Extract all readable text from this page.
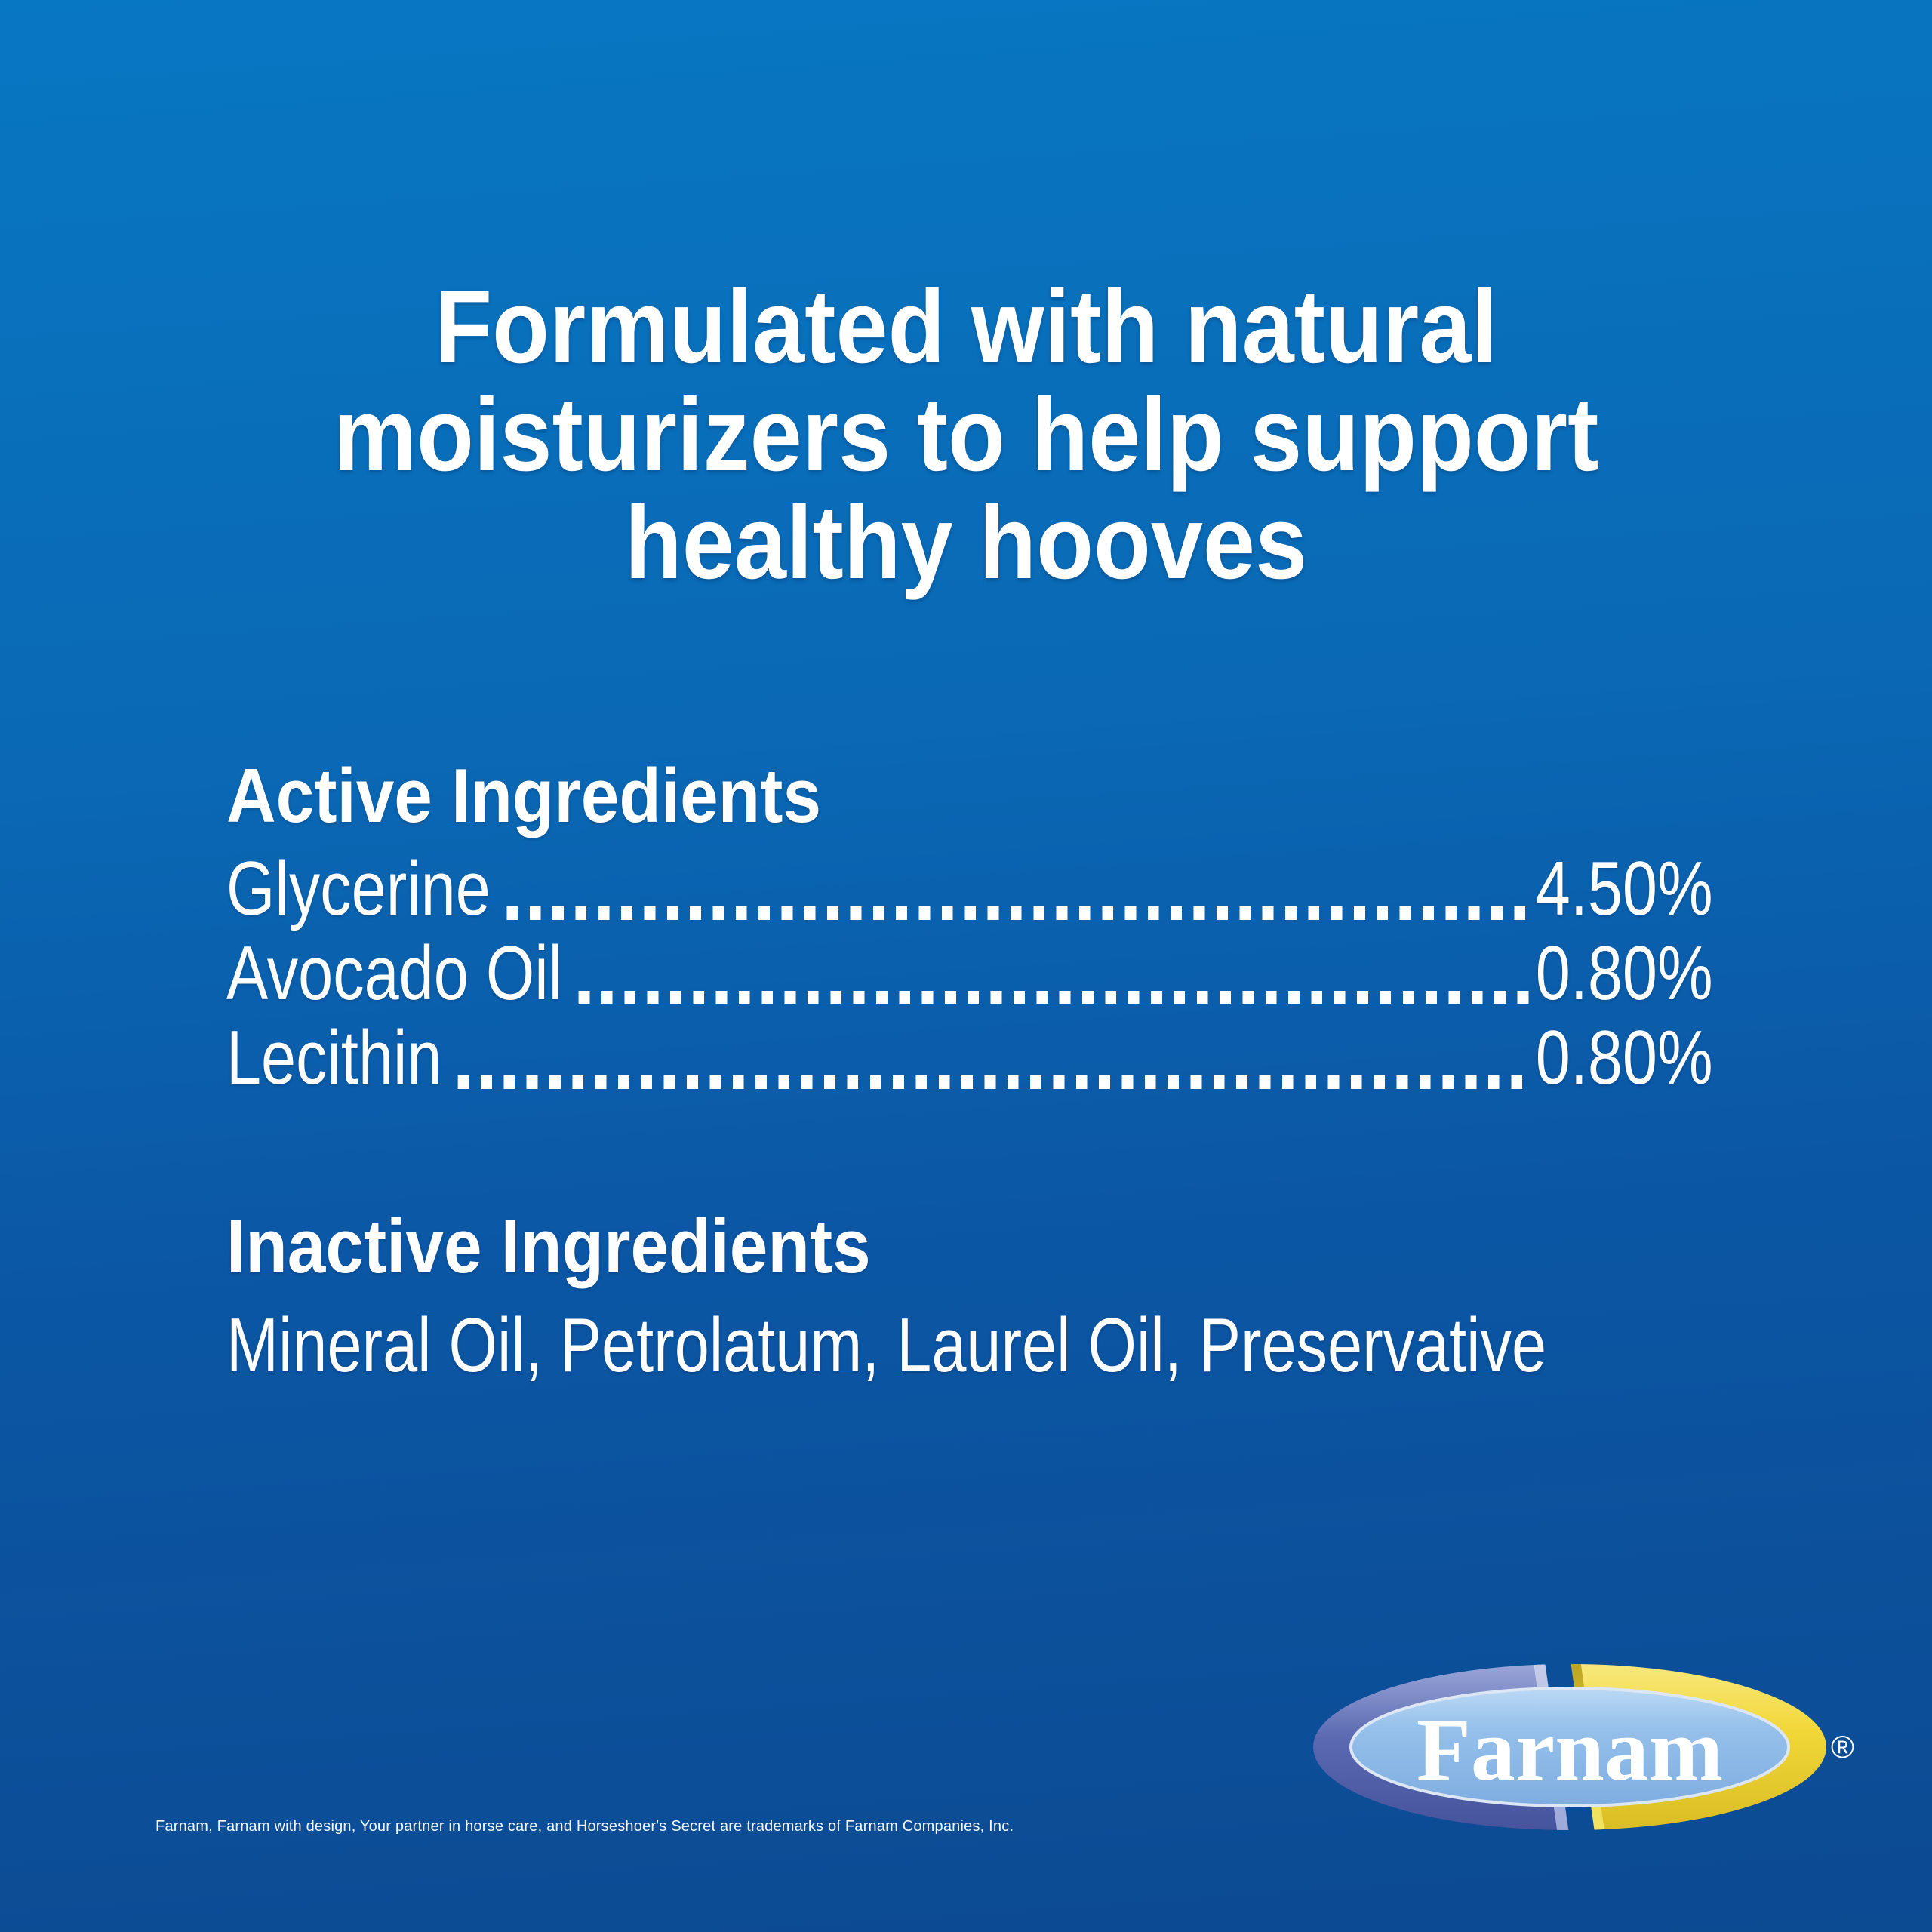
Formulated with natural
moisturizers to help support
healthy hooves
Active Ingredients
Glycerine	4.50%
Avocado Oil	0.80%
Lecithin	0.80%
Inactive Ingredients
Mineral Oil, Petrolatum, Laurel Oil, Preservative
Farnam	®
Farnam, Farnam with design, Your partner in horse care, and Horseshoer's Secret are trademarks of Farnam Companies, Inc.
